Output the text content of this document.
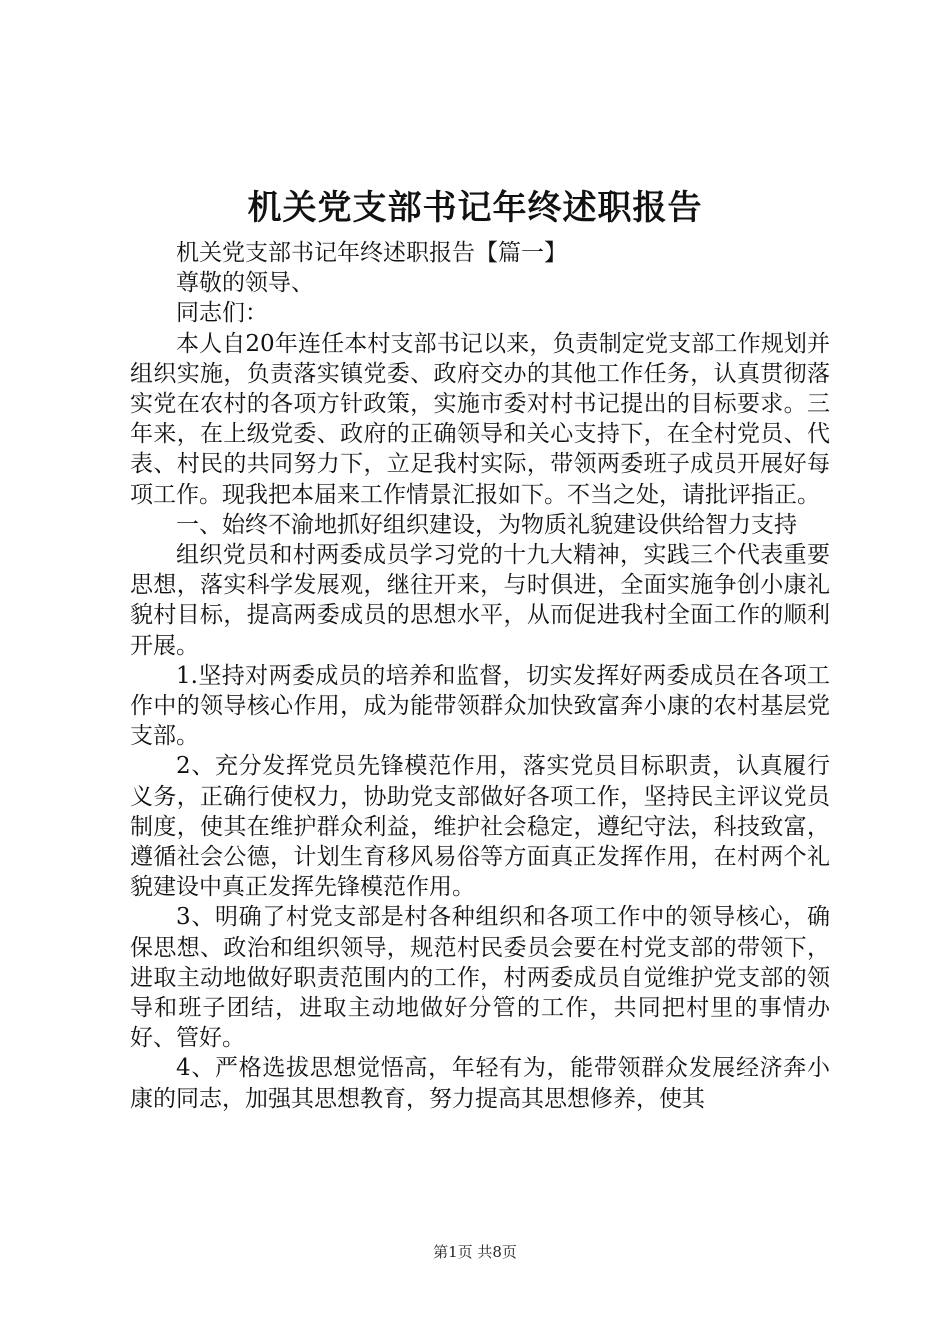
机关党支部书记年终述职报告

机关党支部书记年终述职报告【篇一】

尊敬的领导、

同志们：

本人自20年连任本村支部书记以来，负责制定党支部工作规划并组织实施，负责落实镇党委、政府交办的其他工作任务，认真贯彻落实党在农村的各项方针政策，实施市委对村书记提出的目标要求。三年来，在上级党委、政府的正确领导和关心支持下，在全村党员、代表、村民的共同努力下，立足我村实际，带领两委班子成员开展好每项工作。现我把本届来工作情景汇报如下。不当之处，请批评指正。

一、始终不渝地抓好组织建设，为物质礼貌建设供给智力支持

组织党员和村两委成员学习党的十九大精神，实践三个代表重要思想，落实科学发展观，继往开来，与时俱进，全面实施争创小康礼貌村目标，提高两委成员的思想水平，从而促进我村全面工作的顺利开展。

1.坚持对两委成员的培养和监督，切实发挥好两委成员在各项工作中的领导核心作用，成为能带领群众加快致富奔小康的农村基层党支部。

2、充分发挥党员先锋模范作用，落实党员目标职责，认真履行义务，正确行使权力，协助党支部做好各项工作，坚持民主评议党员制度，使其在维护群众利益，维护社会稳定，遵纪守法，科技致富，遵循社会公德，计划生育移风易俗等方面真正发挥作用，在村两个礼貌建设中真正发挥先锋模范作用。

3、明确了村党支部是村各种组织和各项工作中的领导核心，确保思想、政治和组织领导，规范村民委员会要在村党支部的带领下，进取主动地做好职责范围内的工作，村两委成员自觉维护党支部的领导和班子团结，进取主动地做好分管的工作，共同把村里的事情办好、管好。

4、严格选拔思想觉悟高，年轻有为，能带领群众发展经济奔小康的同志，加强其思想教育，努力提高其思想修养，使其

第1页 共8页
